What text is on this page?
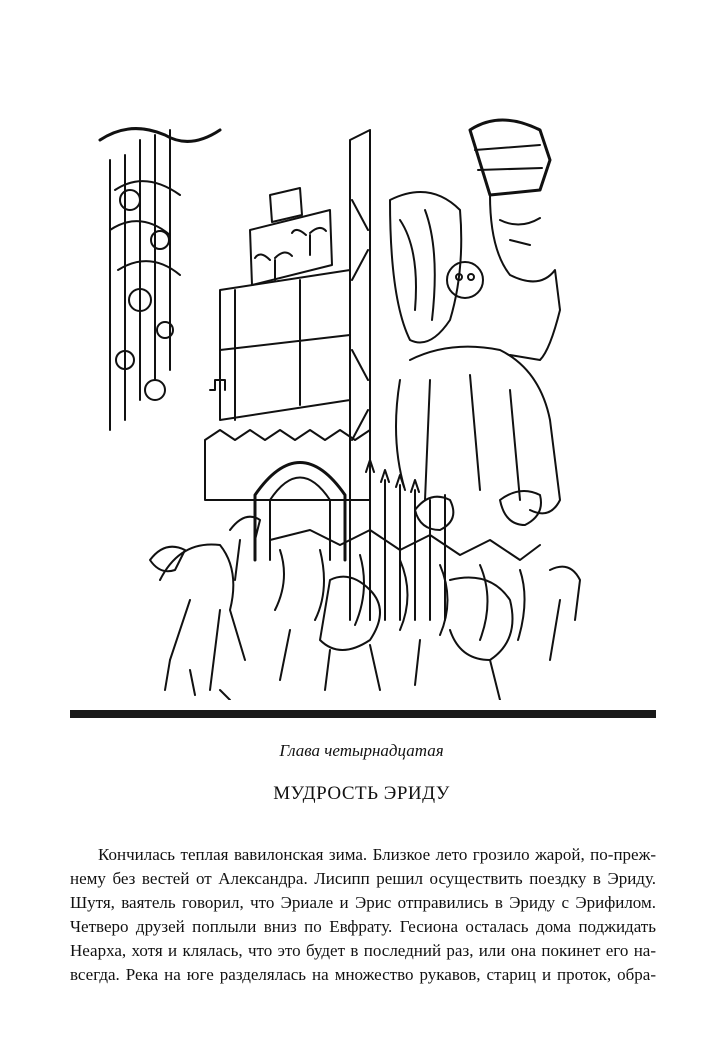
Глава четырнадцатая
МУДРОСТЬ ЭРИДУ
Кончилась теплая вавилонская зима. Близкое лето грозило жарой, по-преж-
нему без вестей от Александра. Лисипп решил осуществить поездку в Эриду.
Шутя, ваятель говорил, что Эриале и Эрис отправились в Эриду с Эрифилом.
Четверо друзей поплыли вниз по Евфрату. Гесиона осталась дома поджидать
Неарха, хотя и клялась, что это будет в последний раз, или она покинет его на-
всегда. Река на юге разделялась на множество рукавов, стариц и проток, обра-
